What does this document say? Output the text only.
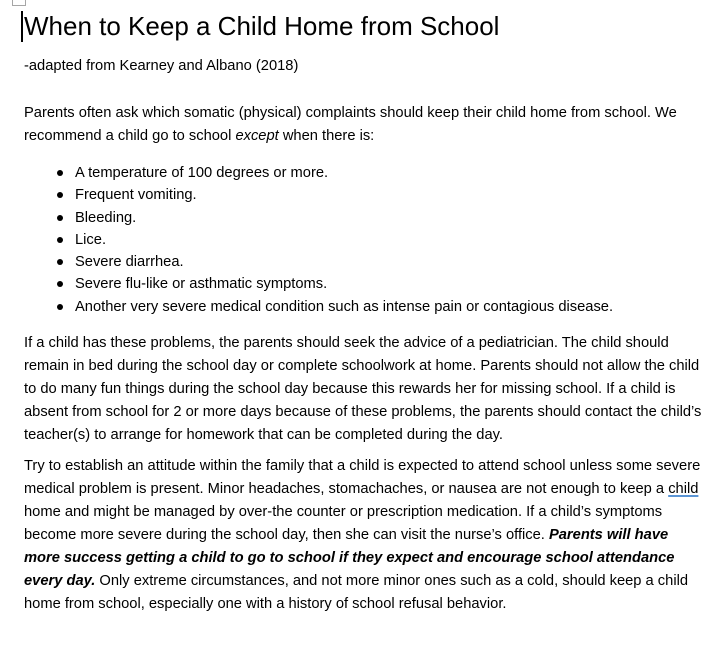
When to Keep a Child Home from School

-adapted from Kearney and Albano (2018)

Parents often ask which somatic (physical) complaints should keep their child home from school. We recommend a child go to school except when there is:

A temperature of 100 degrees or more.
Frequent vomiting.
Bleeding.
Lice.
Severe diarrhea.
Severe flu-like or asthmatic symptoms.
Another very severe medical condition such as intense pain or contagious disease.

If a child has these problems, the parents should seek the advice of a pediatrician. The child should remain in bed during the school day or complete schoolwork at home. Parents should not allow the child to do many fun things during the school day because this rewards her for missing school. If a child is absent from school for 2 or more days because of these problems, the parents should contact the child’s teacher(s) to arrange for homework that can be completed during the day.

Try to establish an attitude within the family that a child is expected to attend school unless some severe medical problem is present. Minor headaches, stomachaches, or nausea are not enough to keep a child home and might be managed by over-the counter or prescription medication. If a child’s symptoms become more severe during the school day, then she can visit the nurse’s office. Parents will have more success getting a child to go to school if they expect and encourage school attendance every day. Only extreme circumstances, and not more minor ones such as a cold, should keep a child home from school, especially one with a history of school refusal behavior.
